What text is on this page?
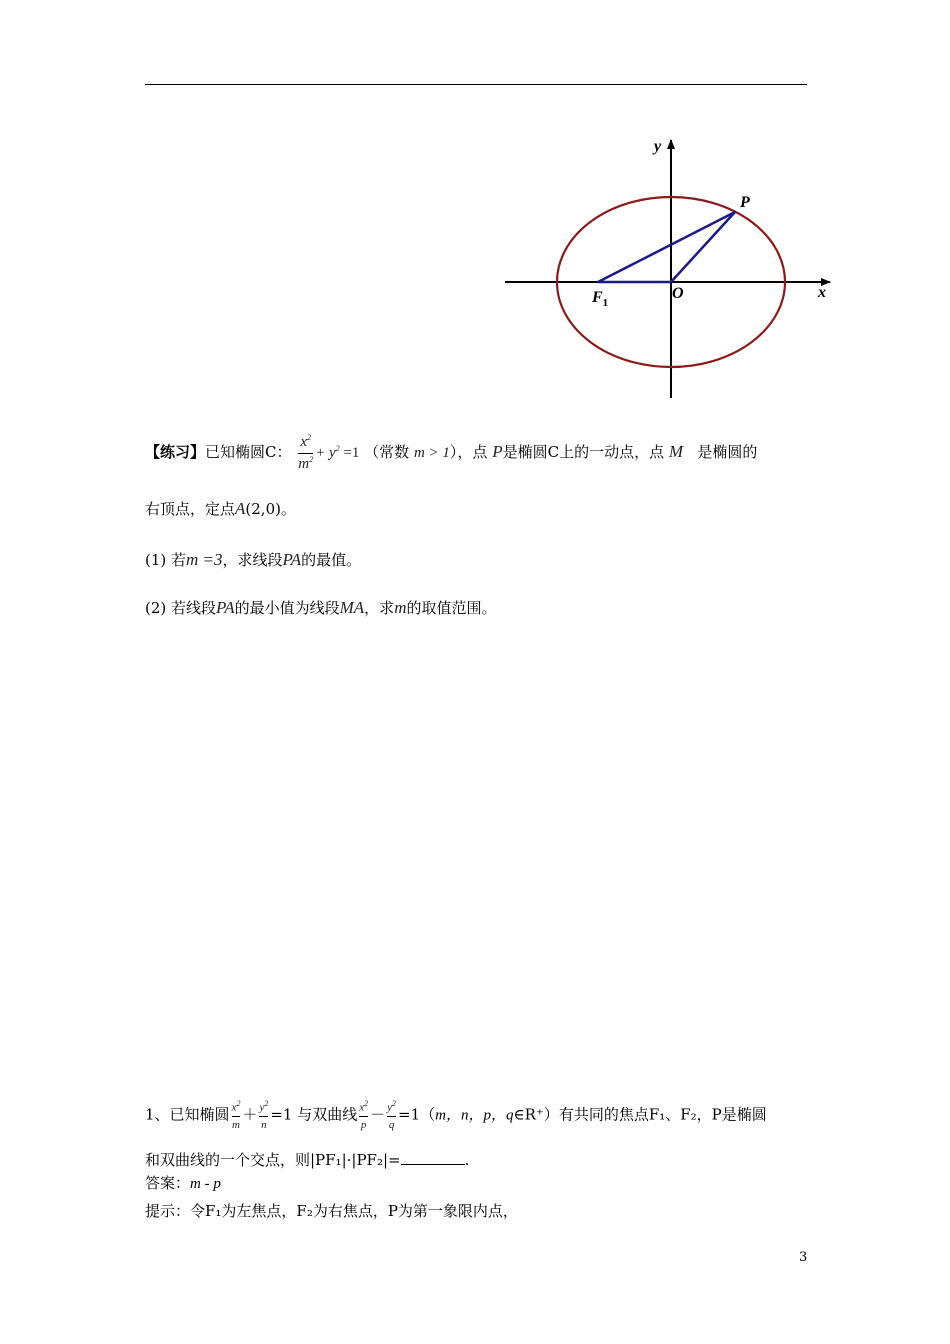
y
x
P
$F_1$
O
【练习】已知椭圆C： $\frac{x^2}{m^2} + y^2 =1$ （常数 m > 1），点 P是椭圆C上的一动点，点 M 是椭圆的
右顶点，定点A(2,0)。
(1) 若m =3，求线段PA的最值。
(2) 若线段PA的最小值为线段MA，求m的取值范围。
1、已知椭圆 $\frac{x^2}{m} + \frac{y^2}{n} =1$ 与双曲线 $\frac{x^2}{p} - \frac{y^2}{q} =1(m$，n，p，q∈R⁺）有共同的焦点F₁、F₂，P是椭圆
和双曲线的一个交点，则|PF₁|·|PF₂|=	.
答案：m - p
提示：令F₁为左焦点，F₂为右焦点，P为第一象限内点，
3
